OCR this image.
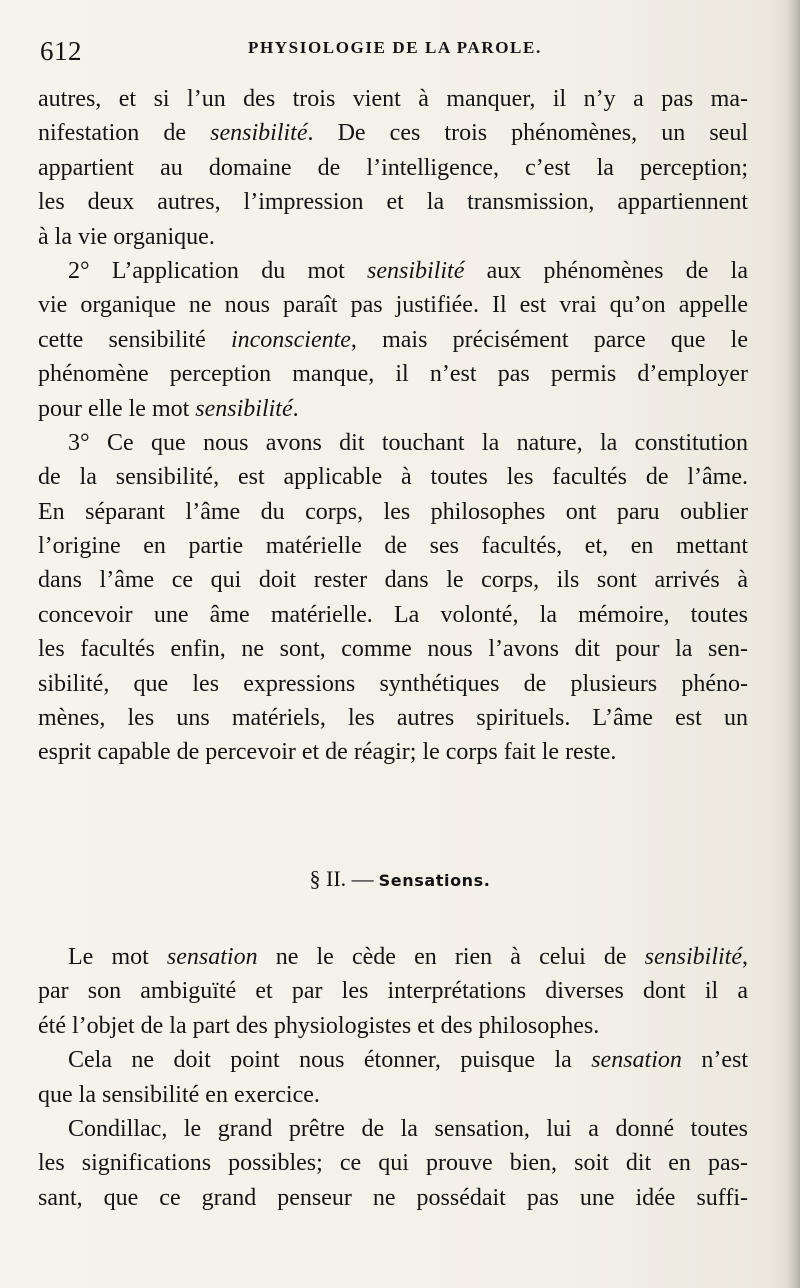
612	PHYSIOLOGIE DE LA PAROLE.
autres, et si l’un des trois vient à manquer, il n’y a pas ma-
nifestation de sensibilité. De ces trois phénomènes, un seul
appartient au domaine de l’intelligence, c’est la perception;
les deux autres, l’impression et la transmission, appartiennent
à la vie organique.
2° L’application du mot sensibilité aux phénomènes de la
vie organique ne nous paraît pas justifiée. Il est vrai qu’on appelle
cette sensibilité inconsciente, mais précisément parce que le
phénomène perception manque, il n’est pas permis d’employer
pour elle le mot sensibilité.
3° Ce que nous avons dit touchant la nature, la constitution
de la sensibilité, est applicable à toutes les facultés de l’âme.
En séparant l’âme du corps, les philosophes ont paru oublier
l’origine en partie matérielle de ses facultés, et, en mettant
dans l’âme ce qui doit rester dans le corps, ils sont arrivés à
concevoir une âme matérielle. La volonté, la mémoire, toutes
les facultés enfin, ne sont, comme nous l’avons dit pour la sen-
sibilité, que les expressions synthétiques de plusieurs phéno-
mènes, les uns matériels, les autres spirituels. L’âme est un
esprit capable de percevoir et de réagir; le corps fait le reste.
§ II. — Sensations.
Le mot sensation ne le cède en rien à celui de sensibilité,
par son ambiguïté et par les interprétations diverses dont il a
été l’objet de la part des physiologistes et des philosophes.
Cela ne doit point nous étonner, puisque la sensation n’est
que la sensibilité en exercice.
Condillac, le grand prêtre de la sensation, lui a donné toutes
les significations possibles; ce qui prouve bien, soit dit en pas-
sant, que ce grand penseur ne possédait pas une idée suffi-
